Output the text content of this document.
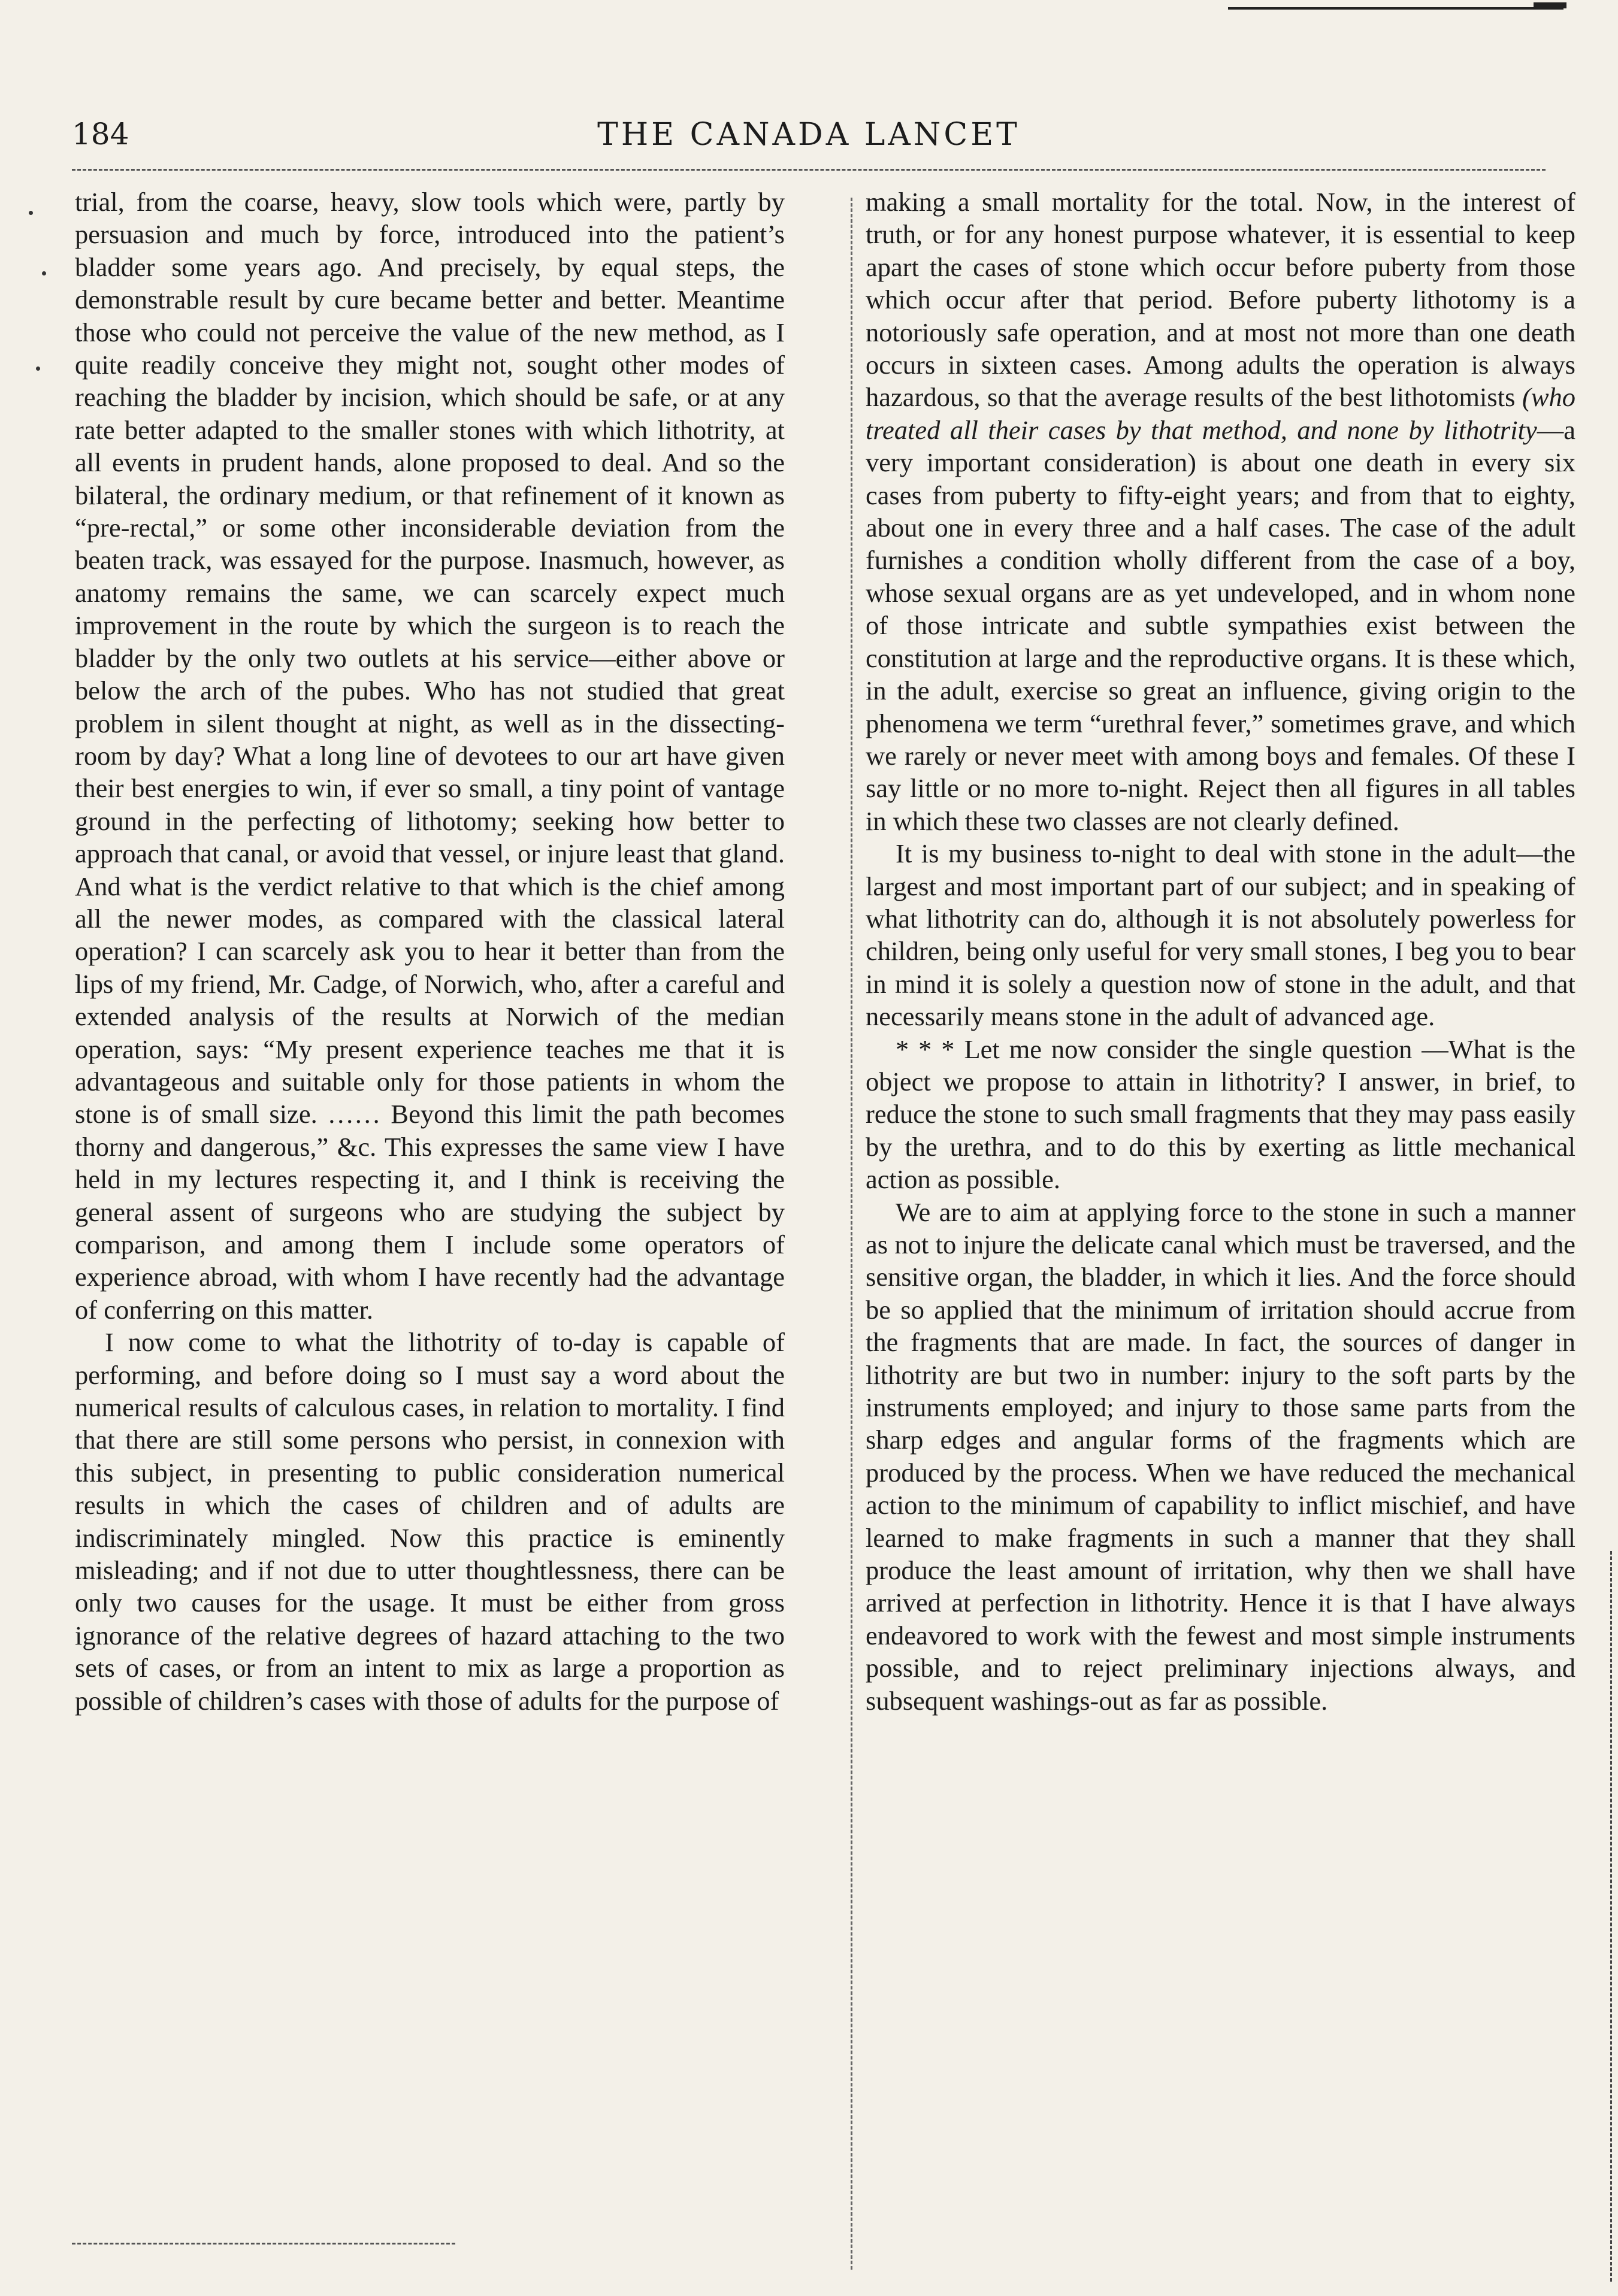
184	THE CANADA LANCET

trial, from the coarse, heavy, slow tools which were, partly by persuasion and much by force, introduced into the patient’s bladder some years ago. And precisely, by equal steps, the demonstrable result by cure became better and better. Meantime those who could not perceive the value of the new method, as I quite readily conceive they might not, sought other modes of reaching the bladder by incision, which should be safe, or at any rate better adapted to the smaller stones with which lithotrity, at all events in prudent hands, alone proposed to deal. And so the bilateral, the ordinary medium, or that refinement of it known as “pre-rectal,” or some other inconsiderable deviation from the beaten track, was essayed for the purpose. Inasmuch, however, as anatomy remains the same, we can scarcely expect much improvement in the route by which the surgeon is to reach the bladder by the only two outlets at his service—either above or below the arch of the pubes. Who has not studied that great problem in silent thought at night, as well as in the dissecting-room by day? What a long line of devotees to our art have given their best energies to win, if ever so small, a tiny point of vantage ground in the perfecting of lithotomy; seeking how better to approach that canal, or avoid that vessel, or injure least that gland. And what is the verdict relative to that which is the chief among all the newer modes, as compared with the classical lateral operation? I can scarcely ask you to hear it better than from the lips of my friend, Mr. Cadge, of Norwich, who, after a careful and extended analysis of the results at Norwich of the median operation, says: “My present experience teaches me that it is advantageous and suitable only for those patients in whom the stone is of small size. …… Beyond this limit the path becomes thorny and dangerous,” &c. This expresses the same view I have held in my lectures respecting it, and I think is receiving the general assent of surgeons who are studying the subject by comparison, and among them I include some operators of experience abroad, with whom I have recently had the advantage of conferring on this matter.

I now come to what the lithotrity of to-day is capable of performing, and before doing so I must say a word about the numerical results of calculous cases, in relation to mortality. I find that there are still some persons who persist, in connexion with this subject, in presenting to public consideration numerical results in which the cases of children and of adults are indiscriminately mingled. Now this practice is eminently misleading; and if not due to utter thoughtlessness, there can be only two causes for the usage. It must be either from gross ignorance of the relative degrees of hazard attaching to the two sets of cases, or from an intent to mix as large a proportion as possible of children’s cases with those of adults for the purpose of

making a small mortality for the total. Now, in the interest of truth, or for any honest purpose whatever, it is essential to keep apart the cases of stone which occur before puberty from those which occur after that period. Before puberty lithotomy is a notoriously safe operation, and at most not more than one death occurs in sixteen cases. Among adults the operation is always hazardous, so that the average results of the best lithotomists (who treated all their cases by that method, and none by lithotrity—a very important consideration) is about one death in every six cases from puberty to fifty-eight years; and from that to eighty, about one in every three and a half cases. The case of the adult furnishes a condition wholly different from the case of a boy, whose sexual organs are as yet undeveloped, and in whom none of those intricate and subtle sympathies exist between the constitution at large and the reproductive organs. It is these which, in the adult, exercise so great an influence, giving origin to the phenomena we term “urethral fever,” sometimes grave, and which we rarely or never meet with among boys and females. Of these I say little or no more to-night. Reject then all figures in all tables in which these two classes are not clearly defined.

It is my business to-night to deal with stone in the adult—the largest and most important part of our subject; and in speaking of what lithotrity can do, although it is not absolutely powerless for children, being only useful for very small stones, I beg you to bear in mind it is solely a question now of stone in the adult, and that necessarily means stone in the adult of advanced age.

* * * Let me now consider the single question —What is the object we propose to attain in lithotrity? I answer, in brief, to reduce the stone to such small fragments that they may pass easily by the urethra, and to do this by exerting as little mechanical action as possible.

We are to aim at applying force to the stone in such a manner as not to injure the delicate canal which must be traversed, and the sensitive organ, the bladder, in which it lies. And the force should be so applied that the minimum of irritation should accrue from the fragments that are made. In fact, the sources of danger in lithotrity are but two in number: injury to the soft parts by the instruments employed; and injury to those same parts from the sharp edges and angular forms of the fragments which are produced by the process. When we have reduced the mechanical action to the minimum of capability to inflict mischief, and have learned to make fragments in such a manner that they shall produce the least amount of irritation, why then we shall have arrived at perfection in lithotrity. Hence it is that I have always endeavored to work with the fewest and most simple instruments possible, and to reject preliminary injections always, and subsequent washings-out as far as possible.
